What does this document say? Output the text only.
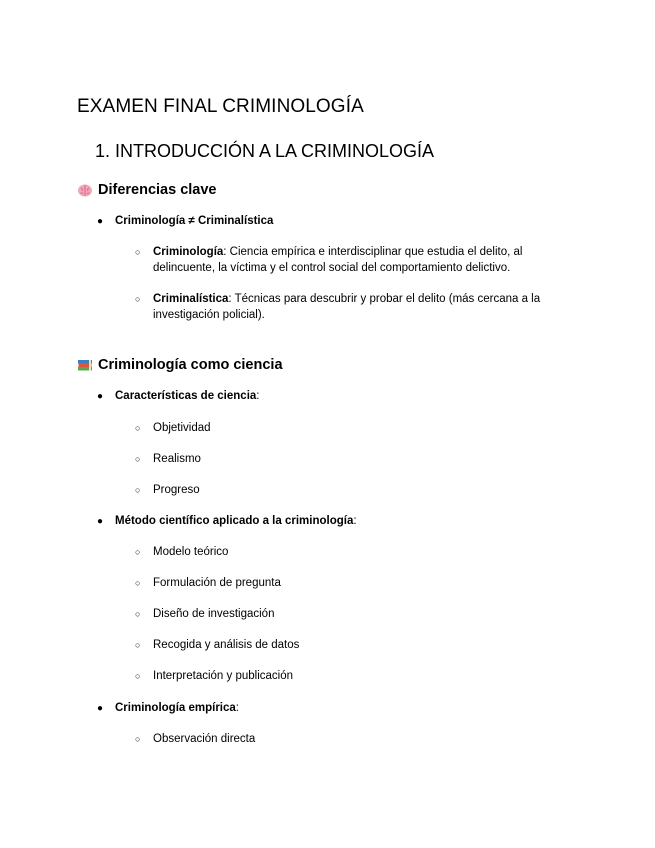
EXAMEN FINAL CRIMINOLOGÍA
1. INTRODUCCIÓN A LA CRIMINOLOGÍA
Diferencias clave
●	Criminología ≠ Criminalística
○	Criminología: Ciencia empírica e interdisciplinar que estudia el delito, al delincuente, la víctima y el control social del comportamiento delictivo.
○	Criminalística: Técnicas para descubrir y probar el delito (más cercana a la investigación policial).
Criminología como ciencia
●	Características de ciencia:
○	Objetividad
○	Realismo
○	Progreso
●	Método científico aplicado a la criminología:
○	Modelo teórico
○	Formulación de pregunta
○	Diseño de investigación
○	Recogida y análisis de datos
○	Interpretación y publicación
●	Criminología empírica:
○	Observación directa
